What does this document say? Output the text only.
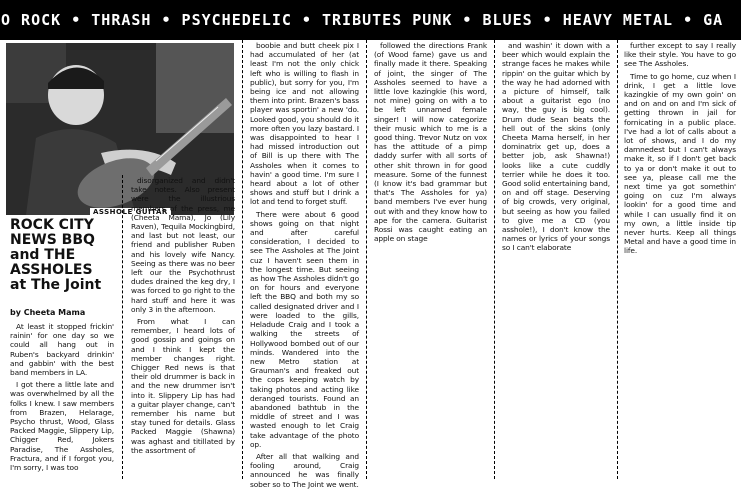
O ROCK • THRASH • PSYCHEDELIC • TRIBUTES PUNK • BLUES • HEAVY METAL • GA
ASSHOLE GUITAR
ROCK CITY NEWS BBQ and THE ASSHOLES at The Joint
by Cheeta Mama

At least it stopped frickin' rainin' for one day so we could all hang out in Ruben's backyard drinkin' and gabbin' with the best band members in LA.

I got there a little late and was overwhelmed by all the folks I knew. I saw members from Brazen, Helarage, Psycho thrust, Wood, Glass Packed Maggie, Slippery Lip, Chigger Red, Jokers Paradise, The Assholes, Fractura, and if I forgot you, I'm sorry, I was too

disorganized and didn't take notes. Also present were the illustrious members of the press, me (Cheeta Mama), Jo (Lily Raven), Tequila Mockingbird, and last but not least, our friend and publisher Ruben and his lovely wife Nancy. Seeing as there was no beer left our the Psychothrust dudes drained the keg dry, I was forced to go right to the hard stuff and here it was only 3 in the afternoon.

From what I can remember, I heard lots of good gossip and goings on and I think I kept the member changes right. Chigger Red news is that their old drummer is back in and the new drummer isn't into it. Slippery Lip has had a guitar player change, can't remember his name but stay tuned for details. Glass Packed Maggie (Shawna) was aghast and titillated by the assortment of

boobie and butt cheek pix I had accumulated of her (at least I'm not the only chick left who is willing to flash in public), but sorry for you, I'm being ice and not allowing them into print. Brazen's bass player was sportin' a new 'do. Looked good, you should do it more often you lazy bastard. I was disappointed to hear I had missed introduction out of Bill is up there with The Assholes when it comes to havin' a good time. I'm sure I heard about a lot of other shows and stuff but I drink a lot and tend to forget stuff.

There were about 6 good shows going on that night and after careful consideration, I decided to see The Assholes at The Joint cuz I haven't seen them in the longest time. But seeing as how The Assholes didn't go on for hours and everyone left the BBQ and both my so called designated driver and I were loaded to the gills, Heladude Craig and I took a walking the streets of Hollywood bombed out of our minds. Wandered into the new Metro station at Grauman's and freaked out the cops keeping watch by taking photos and acting like deranged tourists. Found an abandoned bathtub in the middle of street and I was wasted enough to let Craig take advantage of the photo op.

After all that walking and fooling around, Craig announced he was finally sober so to The Joint we went.

followed the directions Frank (of Wood fame) gave us and finally made it there. Speaking of joint, the singer of The Assholes seemed to have a little love kazingkie (his word, not mine) going on with a to be left unnamed female singer! I will now categorize their music which to me is a good thing. Trevor Nutz on vox has the attitude of a pimp daddy surfer with all sorts of other shit thrown in for good measure. Some of the funnest (I know it's bad grammar but that's The Assholes for ya) band members I've ever hung out with and they know how to ape for the camera. Guitarist Rossi was caught eating an apple on stage

and washin' it down with a beer which would explain the strange faces he makes while rippin' on the guitar which by the way he had adorned with a picture of himself, talk about a guitarist ego (no way, the guy is big cool). Drum dude Sean beats the hell out of the skins (only Cheeta Mama herself, in her dominatrix get up, does a better job, ask Shawna!) looks like a cute cuddly terrier while he does it too. Good solid entertaining band, on and off stage. Deserving of big crowds, very original, but seeing as how you failed to give me a CD (you asshole!), I don't know the names or lyrics of your songs so I can't elaborate

further except to say I really like their style. You have to go see The Assholes.

Time to go home, cuz when I drink, I get a little love kazingkie of my own goin' on and on and on and I'm sick of getting thrown in jail for fornicating in a public place. I've had a lot of calls about a lot of shows, and I do my damnedest but I can't always make it, so if I don't get back to ya or don't make it out to see ya, please call me the next time ya got somethin' going on cuz I'm always lookin' for a good time and while I can usually find it on my own, a little inside tip never hurts. Keep all things Metal and have a good time in life.
